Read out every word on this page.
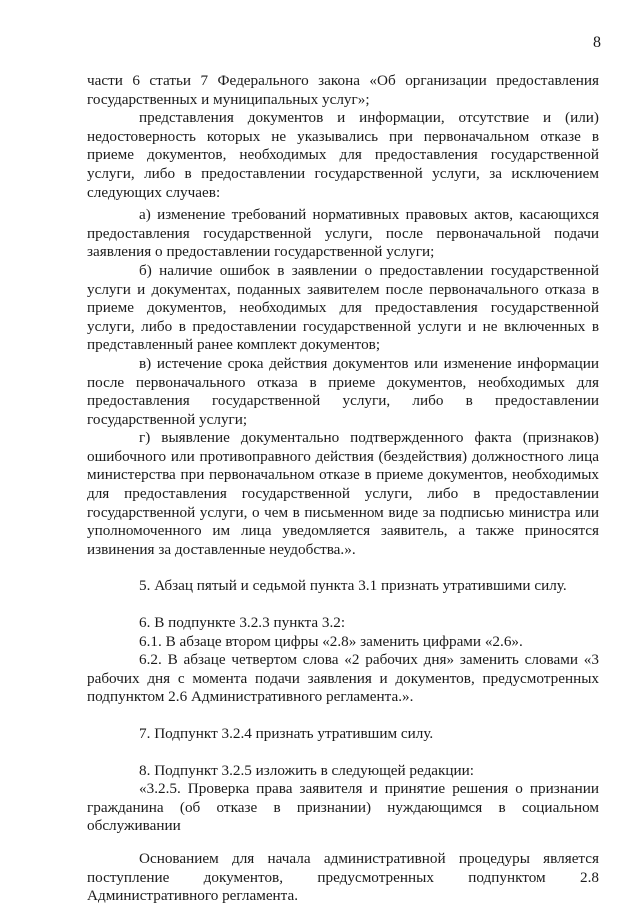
8

части 6 статьи 7 Федерального закона «Об организации предоставления государственных и муниципальных услуг»;

представления документов и информации, отсутствие и (или) недостоверность которых не указывались при первоначальном отказе в приеме документов, необходимых для предоставления государственной услуги, либо в предоставлении государственной услуги, за исключением следующих случаев:

а) изменение требований нормативных правовых актов, касающихся предоставления государственной услуги, после первоначальной подачи заявления о предоставлении государственной услуги;

б) наличие ошибок в заявлении о предоставлении государственной услуги и документах, поданных заявителем после первоначального отказа в приеме документов, необходимых для предоставления государственной услуги, либо в предоставлении государственной услуги и не включенных в представленный ранее комплект документов;

в) истечение срока действия документов или изменение информации после первоначального отказа в приеме документов, необходимых для предоставления государственной услуги, либо в предоставлении государственной услуги;

г) выявление документально подтвержденного факта (признаков) ошибочного или противоправного действия (бездействия) должностного лица министерства при первоначальном отказе в приеме документов, необходимых для предоставления государственной услуги, либо в предоставлении государственной услуги, о чем в письменном виде за подписью министра или уполномоченного им лица уведомляется заявитель, а также приносятся извинения за доставленные неудобства.».

5. Абзац пятый и седьмой пункта 3.1 признать утратившими силу.

6. В подпункте 3.2.3 пункта 3.2:

6.1. В абзаце втором цифры «2.8» заменить цифрами «2.6».

6.2. В абзаце четвертом слова «2 рабочих дня» заменить словами «3 рабочих дня с момента подачи заявления и документов, предусмотренных подпунктом 2.6 Административного регламента.».

7. Подпункт 3.2.4 признать утратившим силу.

8. Подпункт 3.2.5 изложить в следующей редакции:

«3.2.5. Проверка права заявителя и принятие решения о признании гражданина (об отказе в признании) нуждающимся в социальном обслуживании

Основанием для начала административной процедуры является поступление документов, предусмотренных подпунктом 2.8 Административного регламента.
